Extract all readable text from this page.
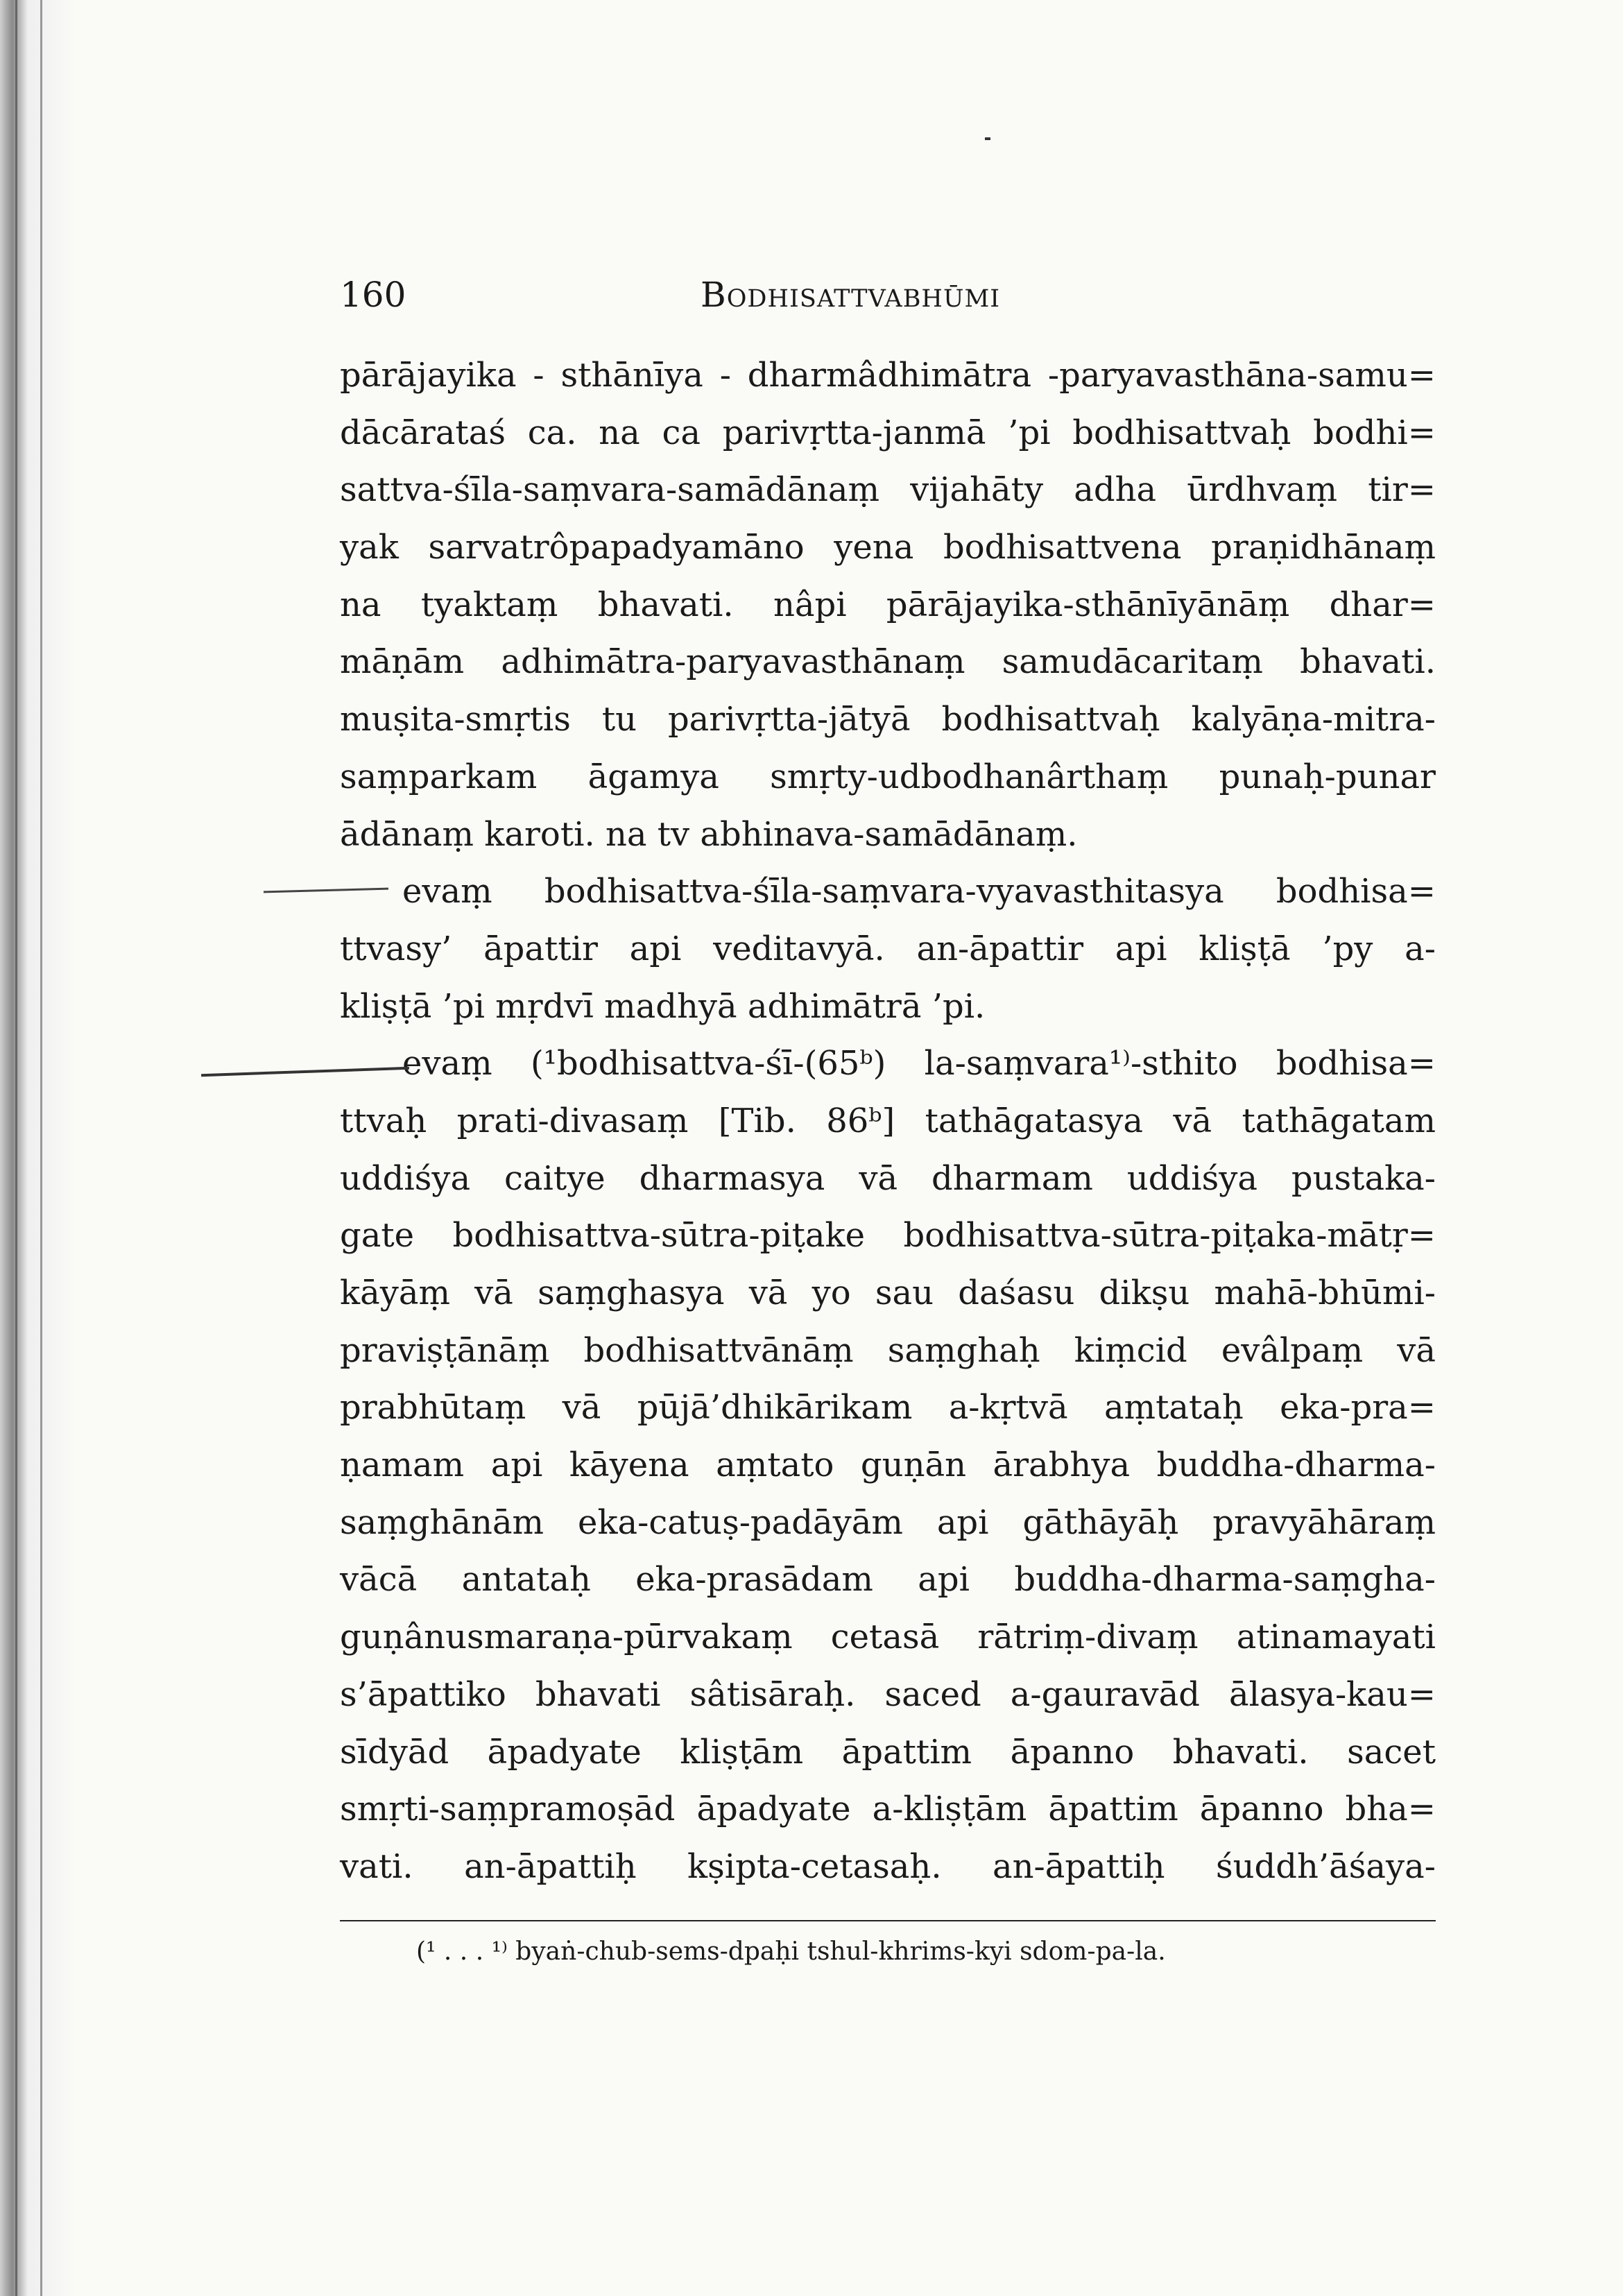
160	Bodhisattvabhūmi
pārājayika - sthānīya - dharmâdhimātra -paryavasthāna-samu=
dācārataś ca. na ca parivṛtta-janmā ’pi bodhisattvaḥ bodhi=
sattva-śīla-saṃvara-samādānaṃ vijahāty adha ūrdhvaṃ tir=
yak sarvatrôpapadyamāno yena bodhisattvena praṇidhānaṃ
na tyaktaṃ bhavati. nâpi pārājayika-sthānīyānāṃ dhar=
māṇām adhimātra-paryavasthānaṃ samudācaritaṃ bhavati.
muṣita-smṛtis tu parivṛtta-jātyā bodhisattvaḥ kalyāṇa-mitra-
saṃparkam āgamya smṛty-udbodhanârthaṃ punaḥ-punar
ādānaṃ karoti. na tv abhinava-samādānaṃ.
evaṃ bodhisattva-śīla-saṃvara-vyavasthitasya bodhisa=
ttvasy’ āpattir api veditavyā. an-āpattir api kliṣṭā ’py a-
kliṣṭā ’pi mṛdvī madhyā adhimātrā ’pi.
evaṃ (¹bodhisattva-śī-(65ᵇ) la-saṃvara¹⁾-sthito bodhisa=
ttvaḥ prati-divasaṃ [Tib. 86ᵇ] tathāgatasya vā tathāgatam
uddiśya caitye dharmasya vā dharmam uddiśya pustaka-
gate bodhisattva-sūtra-piṭake bodhisattva-sūtra-piṭaka-mātṛ=
kāyāṃ vā saṃghasya vā yo sau daśasu dikṣu mahā-bhūmi-
praviṣṭānāṃ bodhisattvānāṃ saṃghaḥ kiṃcid evâlpaṃ vā
prabhūtaṃ vā pūjā’dhikārikam a-kṛtvā aṃtataḥ eka-pra=
ṇamam api kāyena aṃtato guṇān ārabhya buddha-dharma-
saṃghānām eka-catuṣ-padāyām api gāthāyāḥ pravyāhāraṃ
vācā antataḥ eka-prasādam api buddha-dharma-saṃgha-
guṇânusmaraṇa-pūrvakaṃ cetasā rātriṃ-divaṃ atinamayati
s’āpattiko bhavati sâtisāraḥ. saced a-gauravād ālasya-kau=
sīdyād āpadyate kliṣṭām āpattim āpanno bhavati. sacet
smṛti-saṃpramoṣād āpadyate a-kliṣṭām āpattim āpanno bha=
vati. an-āpattiḥ kṣipta-cetasaḥ. an-āpattiḥ śuddh’āśaya-
(¹ . . . ¹⁾ byaṅ-chub-sems-dpaḥi tshul-khrims-kyi sdom-pa-la.
